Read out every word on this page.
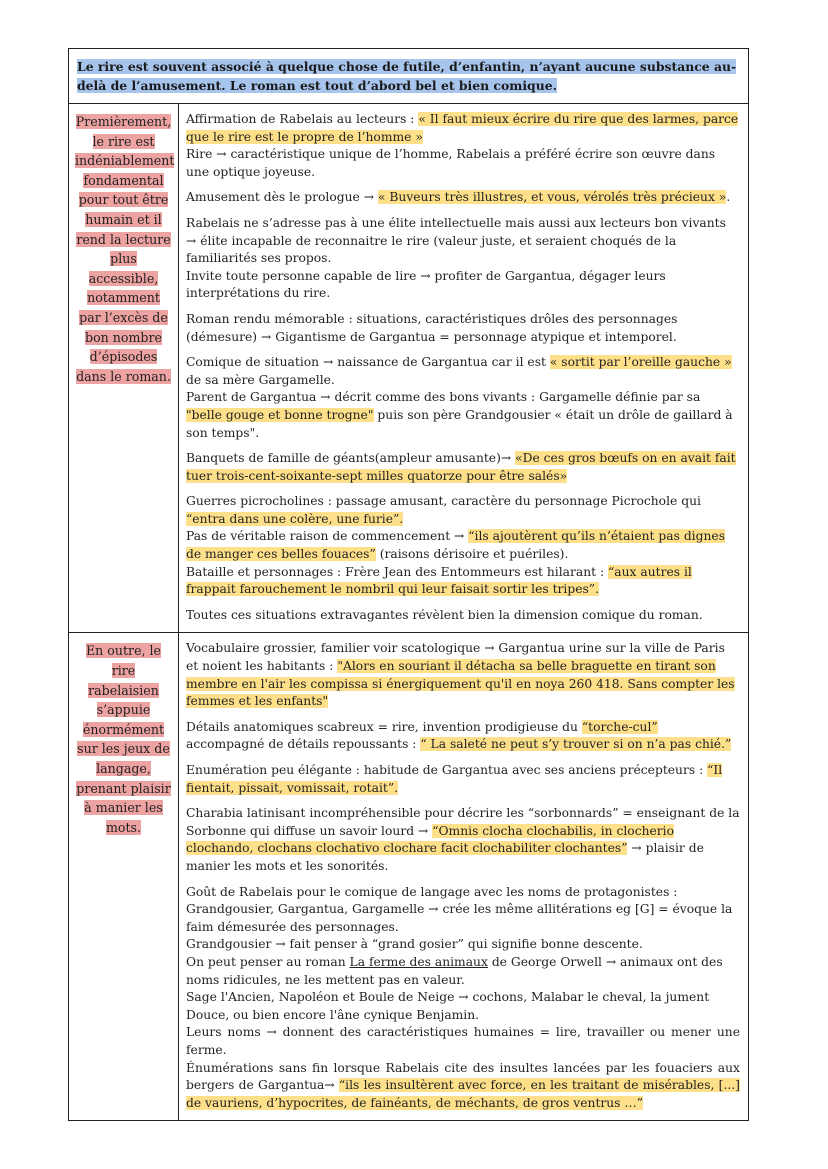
Le rire est souvent associé à quelque chose de futile, d’enfantin, n’ayant aucune substance au- delà de l’amusement. Le roman est tout d’abord bel et bien comique.
Premièrement, le rire est indéniablement fondamental pour tout être humain et il rend la lecture plus accessible, notamment par l’excès de bon nombre d’épisodes dans le roman.
Affirmation de Rabelais au lecteurs : « Il faut mieux écrire du rire que des larmes, parce que le rire est le propre de l’homme »
Rire → caractéristique unique de l’homme, Rabelais a préféré écrire son œuvre dans une optique joyeuse.
Amusement dès le prologue → « Buveurs très illustres, et vous, vérolés très précieux ».
Rabelais ne s’adresse pas à une élite intellectuelle mais aussi aux lecteurs bon vivants → élite incapable de reconnaitre le rire (valeur juste, et seraient choqués de la familiarités ses propos.
Invite toute personne capable de lire → profiter de Gargantua, dégager leurs interprétations du rire.
Roman rendu mémorable : situations, caractéristiques drôles des personnages (démesure) → Gigantisme de Gargantua = personnage atypique et intemporel.
Comique de situation → naissance de Gargantua car il est « sortit par l’oreille gauche » de sa mère Gargamelle.
Parent de Gargantua → décrit comme des bons vivants : Gargamelle définie par sa "belle gouge et bonne trogne" puis son père Grandgousier « était un drôle de gaillard à son temps".
Banquets de famille de géants(ampleur amusante)→ «De ces gros bœufs on en avait fait tuer trois-cent-soixante-sept milles quatorze pour être salés»
Guerres picrocholines : passage amusant, caractère du personnage Picrochole qui “entra dans une colère, une furie”.
Pas de véritable raison de commencement → “ils ajoutèrent qu’ils n’étaient pas dignes de manger ces belles fouaces” (raisons dérisoire et puériles).
Bataille et personnages : Frère Jean des Entommeurs est hilarant : “aux autres il frappait farouchement le nombril qui leur faisait sortir les tripes”.
Toutes ces situations extravagantes révèlent bien la dimension comique du roman.
En outre, le rire rabelaisien s’appuie énormément sur les jeux de langage, prenant plaisir à manier les mots.
Vocabulaire grossier, familier voir scatologique → Gargantua urine sur la ville de Paris et noient les habitants : "Alors en souriant il détacha sa belle braguette en tirant son membre en l'air les compissa si énergiquement qu'il en noya 260 418. Sans compter les femmes et les enfants"
Détails anatomiques scabreux = rire, invention prodigieuse du “torche-cul” accompagné de détails repoussants : “ La saleté ne peut s’y trouver si on n’a pas chié.”
Enumération peu élégante : habitude de Gargantua avec ses anciens précepteurs : “Il fientait, pissait, vomissait, rotait”.
Charabia latinisant incompréhensible pour décrire les “sorbonnards” = enseignant de la Sorbonne qui diffuse un savoir lourd → “Omnis clocha clochabilis, in clocherio clochando, clochans clochativo clochare facit clochabiliter clochantes” → plaisir de manier les mots et les sonorités.
Goût de Rabelais pour le comique de langage avec les noms de protagonistes : Grandgousier, Gargantua, Gargamelle → crée les même allitérations eg [G] = évoque la faim démesurée des personnages.
Grandgousier → fait penser à “grand gosier” qui signifie bonne descente.
On peut penser au roman La ferme des animaux de George Orwell → animaux ont des noms ridicules, ne les mettent pas en valeur.
Sage l'Ancien, Napoléon et Boule de Neige → cochons, Malabar le cheval, la jument Douce, ou bien encore l'âne cynique Benjamin.
Leurs noms → donnent des caractéristiques humaines = lire, travailler ou mener une ferme.
Énumérations sans fin lorsque Rabelais cite des insultes lancées par les fouaciers aux bergers de Gargantua→ “ils les insultèrent avec force, en les traitant de misérables, [...] de vauriens, d’hypocrites, de fainéants, de méchants, de gros ventrus …”
